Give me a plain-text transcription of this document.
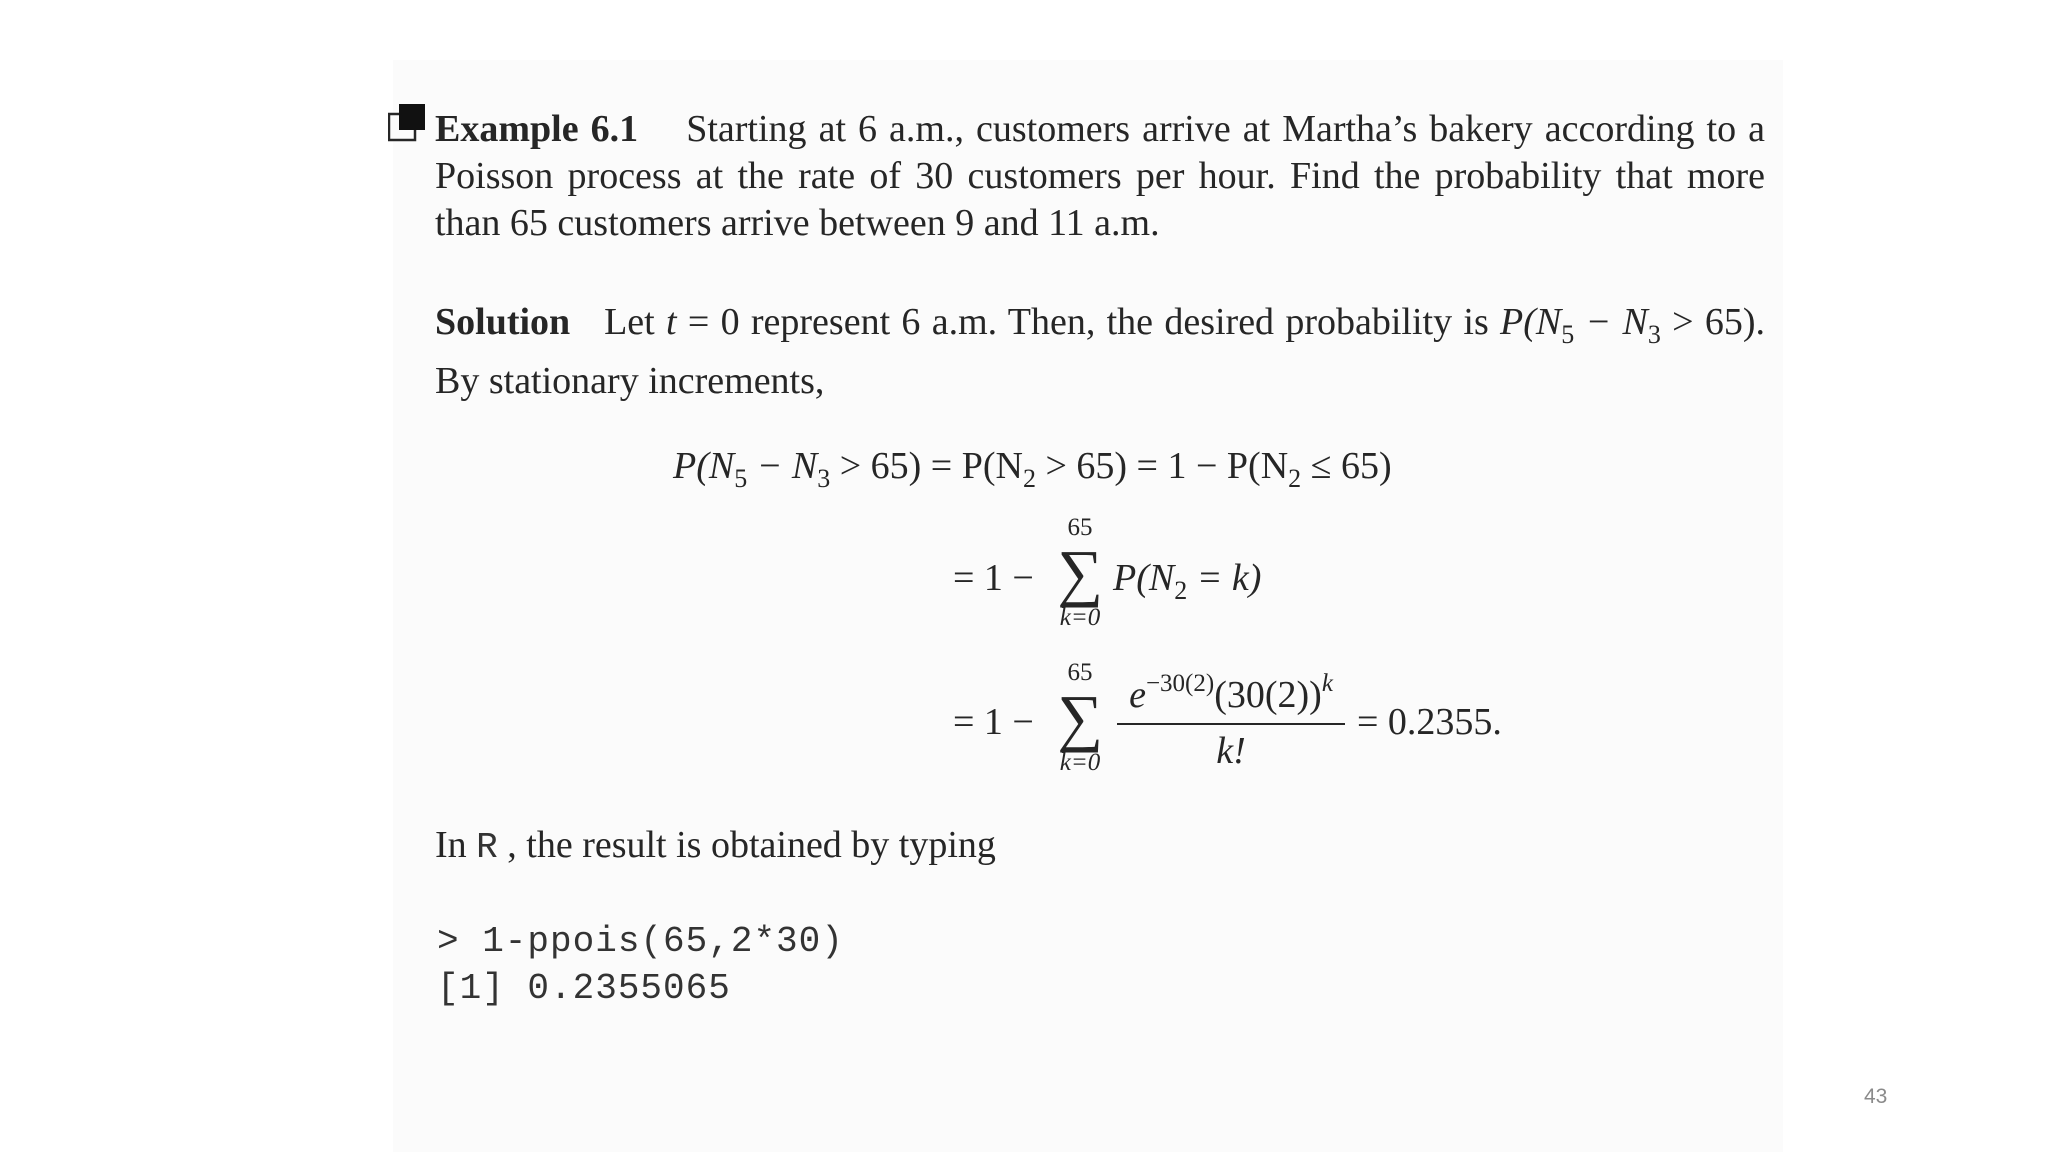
Example 6.1 Starting at 6 a.m., customers arrive at Martha’s bakery according to a
Poisson process at the rate of 30 customers per hour. Find the probability that more
than 65 customers arrive between 9 and 11 a.m.
Solution Let t = 0 represent 6 a.m. Then, the desired probability is $P(N_5 - N_3 > 65)$.
By stationary increments,
$P(N_5 - N_3 > 65) = P(N_2 > 65) = 1 - P(N_2 \le 65)$
= 1 −
65
∑
k=0
$P(N_2 = k)$
= 1 −
65
∑
k=0
$e^{-30(2)}(30(2))^k$
k!
= 0.2355.
In R , the result is obtained by typing
> 1-ppois(65,2*30)
[1] 0.2355065
43
